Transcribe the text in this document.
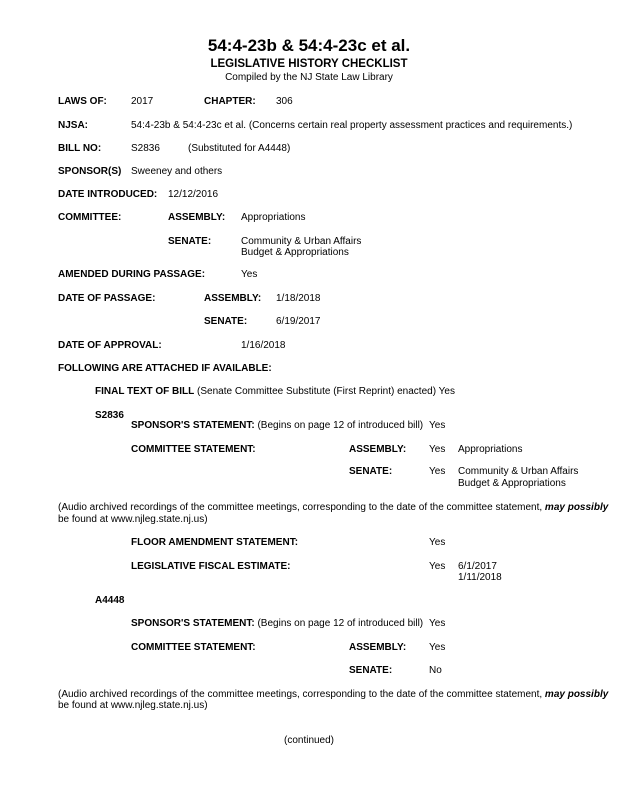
54:4-23b & 54:4-23c et al.
LEGISLATIVE HISTORY CHECKLIST
Compiled by the NJ State Law Library
LAWS OF: 2017	CHAPTER: 306
NJSA:	54:4-23b & 54:4-23c et al. (Concerns certain real property assessment practices and requirements.)
BILL NO:	S2836	(Substituted for A4448)
SPONSOR(S) Sweeney and others
DATE INTRODUCED: 12/12/2016
COMMITTEE:	ASSEMBLY: Appropriations
SENATE:	Community & Urban Affairs
Budget & Appropriations
AMENDED DURING PASSAGE:	Yes
DATE OF PASSAGE:	ASSEMBLY: 1/18/2018
SENATE:	6/19/2017
DATE OF APPROVAL:	1/16/2018
FOLLOWING ARE ATTACHED IF AVAILABLE:
FINAL TEXT OF BILL (Senate Committee Substitute (First Reprint) enacted) Yes
S2836
SPONSOR'S STATEMENT: (Begins on page 12 of introduced bill) Yes
COMMITTEE STATEMENT:	ASSEMBLY: Yes Appropriations
SENATE:	Yes Community & Urban Affairs
Budget & Appropriations
(Audio archived recordings of the committee meetings, corresponding to the date of the committee statement, may possibly
be found at www.njleg.state.nj.us)
FLOOR AMENDMENT STATEMENT:	Yes
LEGISLATIVE FISCAL ESTIMATE:	Yes 6/1/2017
1/11/2018
A4448
SPONSOR'S STATEMENT: (Begins on page 12 of introduced bill) Yes
COMMITTEE STATEMENT:	ASSEMBLY: Yes
SENATE:	No
(Audio archived recordings of the committee meetings, corresponding to the date of the committee statement, may possibly
be found at www.njleg.state.nj.us)
(continued)
